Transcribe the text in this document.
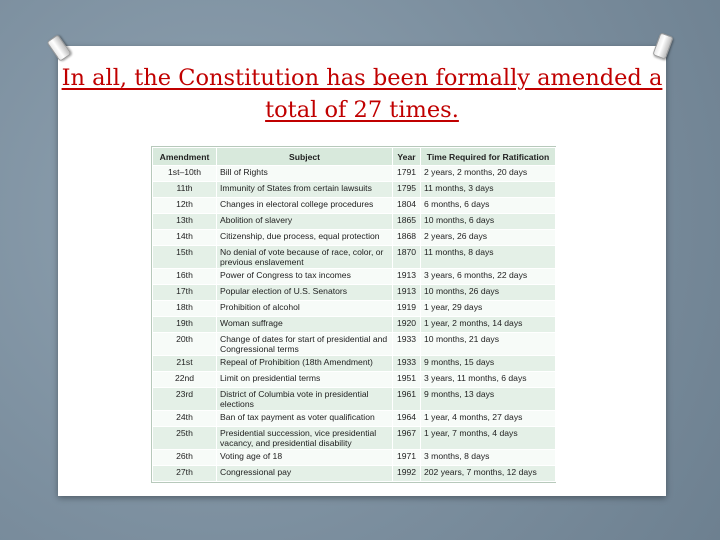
In all, the Constitution has been formally amended a total of 27 times.
Amendment	Subject	Year	Time Required for Ratification
1st–10th	Bill of Rights	1791	2 years, 2 months, 20 days
11th	Immunity of States from certain lawsuits	1795	11 months, 3 days
12th	Changes in electoral college procedures	1804	6 months, 6 days
13th	Abolition of slavery	1865	10 months, 6 days
14th	Citizenship, due process, equal protection	1868	2 years, 26 days
15th	No denial of vote because of race, color, or previous enslavement	1870	11 months, 8 days
16th	Power of Congress to tax incomes	1913	3 years, 6 months, 22 days
17th	Popular election of U.S. Senators	1913	10 months, 26 days
18th	Prohibition of alcohol	1919	1 year, 29 days
19th	Woman suffrage	1920	1 year, 2 months, 14 days
20th	Change of dates for start of presidential and Congressional terms	1933	10 months, 21 days
21st	Repeal of Prohibition (18th Amendment)	1933	9 months, 15 days
22nd	Limit on presidential terms	1951	3 years, 11 months, 6 days
23rd	District of Columbia vote in presidential elections	1961	9 months, 13 days
24th	Ban of tax payment as voter qualification	1964	1 year, 4 months, 27 days
25th	Presidential succession, vice presidential vacancy, and presidential disability	1967	1 year, 7 months, 4 days
26th	Voting age of 18	1971	3 months, 8 days
27th	Congressional pay	1992	202 years, 7 months, 12 days
